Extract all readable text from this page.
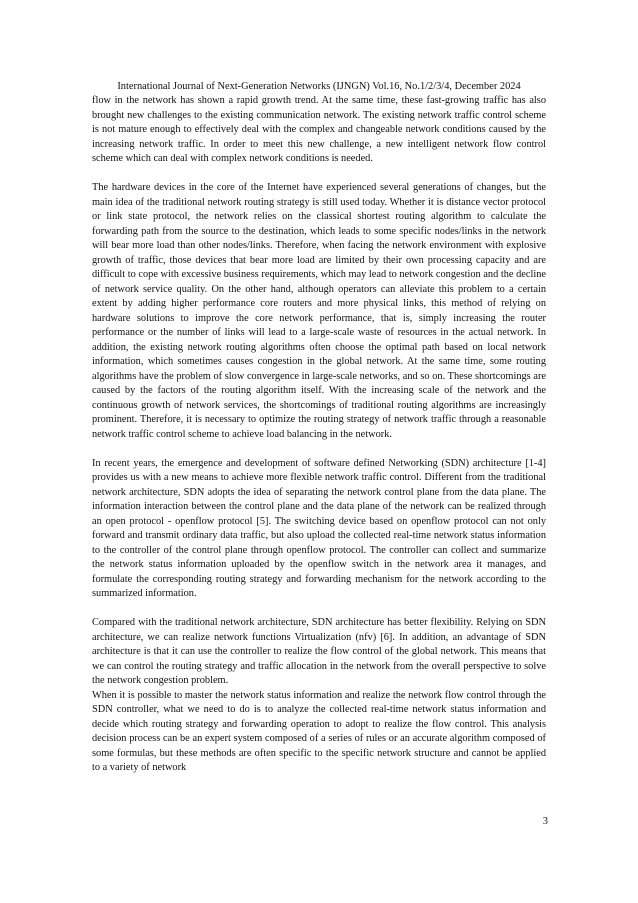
International Journal of Next-Generation Networks (IJNGN) Vol.16, No.1/2/3/4, December 2024

flow in the network has shown a rapid growth trend. At the same time, these fast-growing traffic has also brought new challenges to the existing communication network. The existing network traffic control scheme is not mature enough to effectively deal with the complex and changeable network conditions caused by the increasing network traffic. In order to meet this new challenge, a new intelligent network flow control scheme which can deal with complex network conditions is needed.

The hardware devices in the core of the Internet have experienced several generations of changes, but the main idea of the traditional network routing strategy is still used today. Whether it is distance vector protocol or link state protocol, the network relies on the classical shortest routing algorithm to calculate the forwarding path from the source to the destination, which leads to some specific nodes/links in the network will bear more load than other nodes/links. Therefore, when facing the network environment with explosive growth of traffic, those devices that bear more load are limited by their own processing capacity and are difficult to cope with excessive business requirements, which may lead to network congestion and the decline of network service quality. On the other hand, although operators can alleviate this problem to a certain extent by adding higher performance core routers and more physical links, this method of relying on hardware solutions to improve the core network performance, that is, simply increasing the router performance or the number of links will lead to a large-scale waste of resources in the actual network. In addition, the existing network routing algorithms often choose the optimal path based on local network information, which sometimes causes congestion in the global network. At the same time, some routing algorithms have the problem of slow convergence in large-scale networks, and so on. These shortcomings are caused by the factors of the routing algorithm itself. With the increasing scale of the network and the continuous growth of network services, the shortcomings of traditional routing algorithms are increasingly prominent. Therefore, it is necessary to optimize the routing strategy of network traffic through a reasonable network traffic control scheme to achieve load balancing in the network.

In recent years, the emergence and development of software defined Networking (SDN) architecture [1-4] provides us with a new means to achieve more flexible network traffic control. Different from the traditional network architecture, SDN adopts the idea of separating the network control plane from the data plane. The information interaction between the control plane and the data plane of the network can be realized through an open protocol - openflow protocol [5]. The switching device based on openflow protocol can not only forward and transmit ordinary data traffic, but also upload the collected real-time network status information to the controller of the control plane through openflow protocol. The controller can collect and summarize the network status information uploaded by the openflow switch in the network area it manages, and formulate the corresponding routing strategy and forwarding mechanism for the network according to the summarized information.

Compared with the traditional network architecture, SDN architecture has better flexibility. Relying on SDN architecture, we can realize network functions Virtualization (nfv) [6]. In addition, an advantage of SDN architecture is that it can use the controller to realize the flow control of the global network. This means that we can control the routing strategy and traffic allocation in the network from the overall perspective to solve the network congestion problem.

When it is possible to master the network status information and realize the network flow control through the SDN controller, what we need to do is to analyze the collected real-time network status information and decide which routing strategy and forwarding operation to adopt to realize the flow control. This analysis decision process can be an expert system composed of a series of rules or an accurate algorithm composed of some formulas, but these methods are often specific to the specific network structure and cannot be applied to a variety of network

3
